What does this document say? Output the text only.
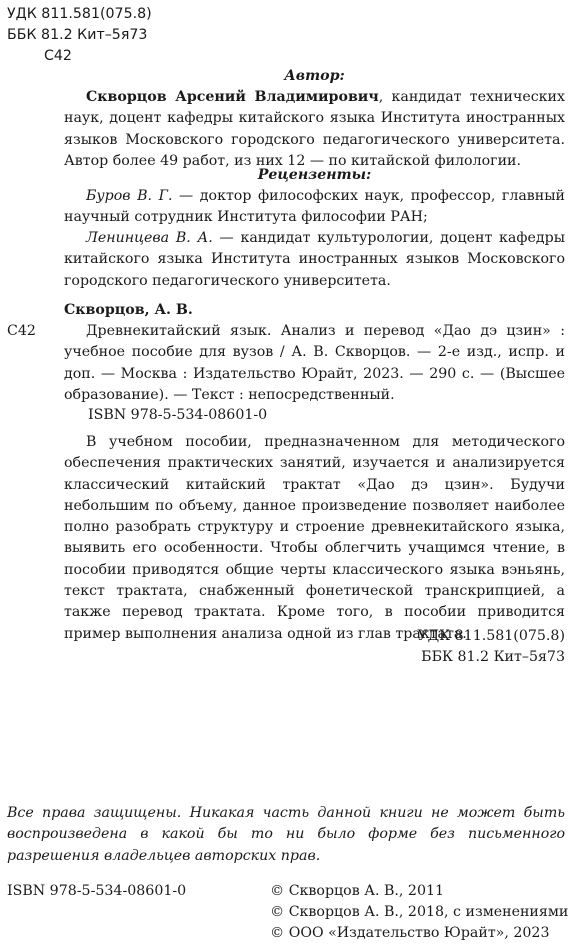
УДК 811.581(075.8)
ББК 81.2 Кит–5я73
С42
Автор:
Скворцов Арсений Владимирович, кандидат технических наук, доцент кафедры китайского языка Института иностранных языков Московского городского педагогического университета. Автор более 49 работ, из них 12 — по китайской филологии.
Рецензенты:
Буров В. Г. — доктор философских наук, профессор, главный научный сотрудник Института философии РАН;
Ленинцева В. А. — кандидат культурологии, доцент кафедры китайского языка Института иностранных языков Московского городского педагогического университета.
Скворцов, А. В.
С42	Древнекитайский язык. Анализ и перевод «Дао дэ цзин» : учебное пособие для вузов / А. В. Скворцов. — 2-е изд., испр. и доп. — Москва : Издательство Юрайт, 2023. — 290 с. — (Высшее образование). — Текст : непосредственный.
ISBN 978-5-534-08601-0
В учебном пособии, предназначенном для методического обеспечения практических занятий, изучается и анализируется классический китайский трактат «Дао дэ цзин». Будучи небольшим по объему, данное произведение позволяет наиболее полно разобрать структуру и строение древнекитайского языка, выявить его особенности. Чтобы облегчить учащимся чтение, в пособии приводятся общие черты классического языка вэньянь, текст трактата, снабженный фонетической транскрипцией, а также перевод трактата. Кроме того, в пособии приводится пример выполнения анализа одной из глав трактата.
УДК 811.581(075.8)
ББК 81.2 Кит–5я73
Все права защищены. Никакая часть данной книги не может быть воспроизведена в какой бы то ни было форме без письменного разрешения владельцев авторских прав.
ISBN 978-5-534-08601-0	© Скворцов А. В., 2011
© Скворцов А. В., 2018, с изменениями
© ООО «Издательство Юрайт», 2023
